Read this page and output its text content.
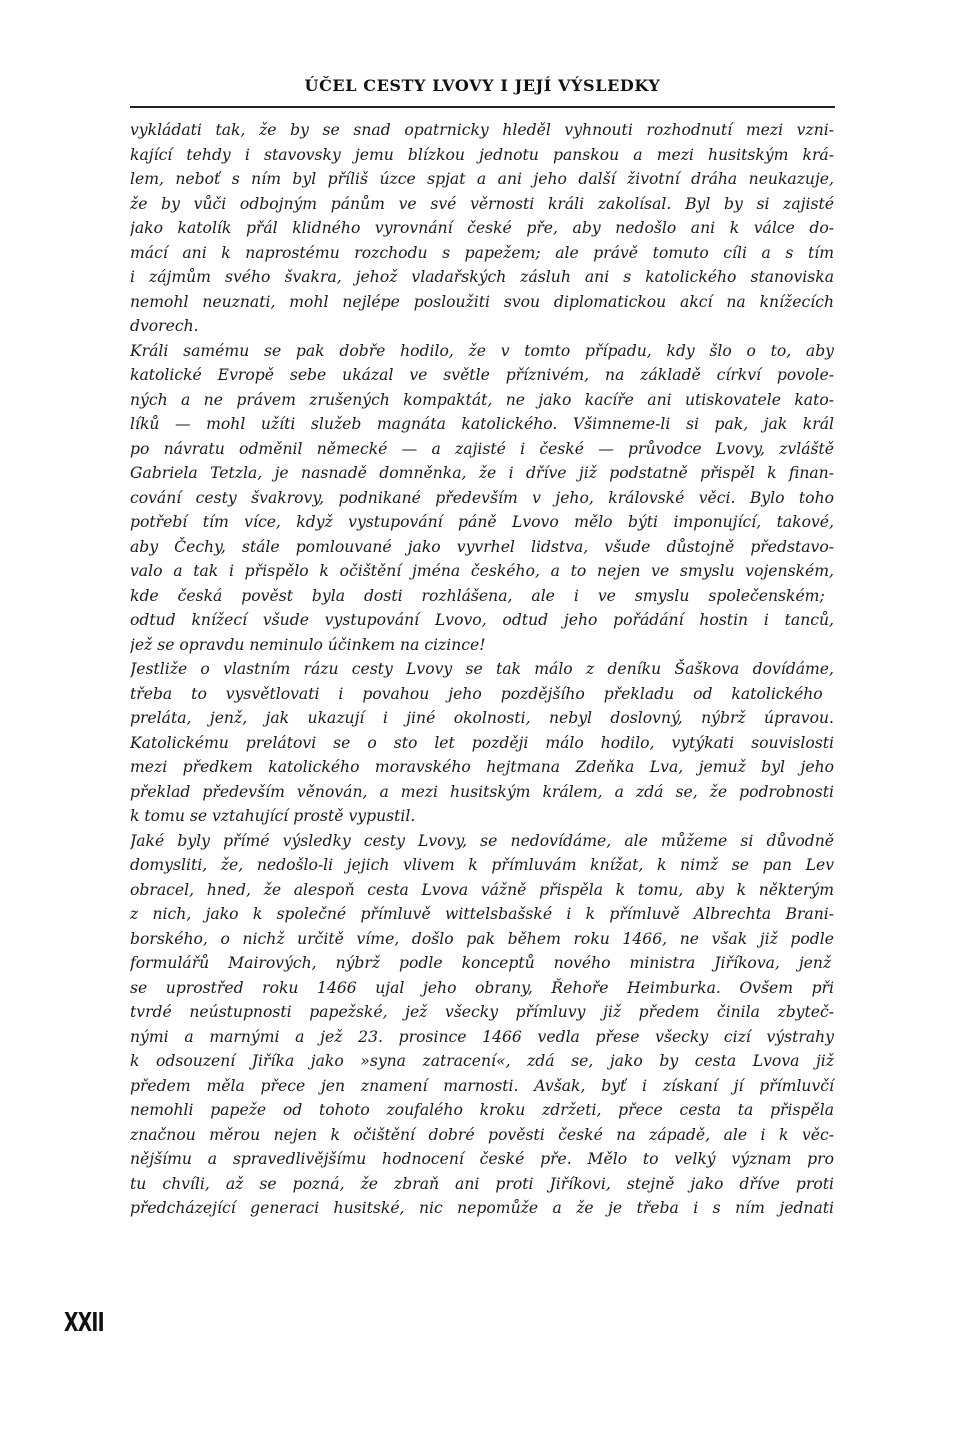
ÚČEL CESTY LVOVY I JEJÍ VÝSLEDKY
vykládati tak, že by se snad opatrnicky hleděl vyhnouti rozhodnutí mezi vzni-
kající tehdy i stavovsky jemu blízkou jednotu panskou a mezi husitským krá-
lem, neboť s ním byl příliš úzce spjat a ani jeho další životní dráha neukazuje,
že by vůči odbojným pánům ve své věrnosti králi zakolísal. Byl by si zajisté
jako katolík přál klidného vyrovnání české pře, aby nedošlo ani k válce do-
mácí ani k naprostému rozchodu s papežem; ale právě tomuto cíli a s tím
i zájmům svého švakra, jehož vladařských zásluh ani s katolického stanoviska
nemohl neuznati, mohl nejlépe posloužiti svou diplomatickou akcí na knížecích
dvorech.
Králi samému se pak dobře hodilo, že v tomto případu, kdy šlo o to, aby
katolické Evropě sebe ukázal ve světle příznivém, na základě církví povole-
ných a ne právem zrušených kompaktát, ne jako kacíře ani utiskovatele kato-
líků — mohl užíti služeb magnáta katolického. Všimneme-li si pak, jak král
po návratu odměnil německé — a zajisté i české — průvodce Lvovy, zvláště
Gabriela Tetzla, je nasnadě domněnka, že i dříve již podstatně přispěl k finan-
cování cesty švakrovy, podnikané především v jeho, královské věci. Bylo toho
potřebí tím více, když vystupování páně Lvovo mělo býti imponující, takové,
aby Čechy, stále pomlouvané jako vyvrhel lidstva, všude důstojně představo-
valo a tak i přispělo k očištění jména českého, a to nejen ve smyslu vojenském,
kde česká pověst byla dosti rozhlášena, ale i ve smyslu společenském;
odtud knížecí všude vystupování Lvovo, odtud jeho pořádání hostin i tanců,
jež se opravdu neminulo účinkem na cizince!
Jestliže o vlastním rázu cesty Lvovy se tak málo z deníku Šaškova dovídáme,
třeba to vysvětlovati i povahou jeho pozdějšího překladu od katolického
preláta, jenž, jak ukazují i jiné okolnosti, nebyl doslovný, nýbrž úpravou.
Katolickému prelátovi se o sto let později málo hodilo, vytýkati souvislosti
mezi předkem katolického moravského hejtmana Zdeňka Lva, jemuž byl jeho
překlad především věnován, a mezi husitským králem, a zdá se, že podrobnosti
k tomu se vztahující prostě vypustil.
Jaké byly přímé výsledky cesty Lvovy, se nedovídáme, ale můžeme si důvodně
domysliti, že, nedošlo-li jejich vlivem k přímluvám knížat, k nimž se pan Lev
obracel, hned, že alespoň cesta Lvova vážně přispěla k tomu, aby k některým
z nich, jako k společné přímluvě wittelsbašské i k přímluvě Albrechta Brani-
borského, o nichž určitě víme, došlo pak během roku 1466, ne však již podle
formulářů Mairových, nýbrž podle konceptů nového ministra Jiříkova, jenž
se uprostřed roku 1466 ujal jeho obrany, Řehoře Heimburka. Ovšem při
tvrdé neústupnosti papežské, jež všecky přímluvy již předem činila zbyteč-
nými a marnými a jež 23. prosince 1466 vedla přese všecky cizí výstrahy
k odsouzení Jiříka jako »syna zatracení«, zdá se, jako by cesta Lvova již
předem měla přece jen znamení marnosti. Avšak, byť i získaní jí přímluvčí
nemohli papeže od tohoto zoufalého kroku zdržeti, přece cesta ta přispěla
značnou měrou nejen k očištění dobré pověsti české na západě, ale i k věc-
nějšímu a spravedlivějšímu hodnocení české pře. Mělo to velký význam pro
tu chvíli, až se pozná, že zbraň ani proti Jiříkovi, stejně jako dříve proti
předcházející generaci husitské, nic nepomůže a že je třeba i s ním jednati
XXII
